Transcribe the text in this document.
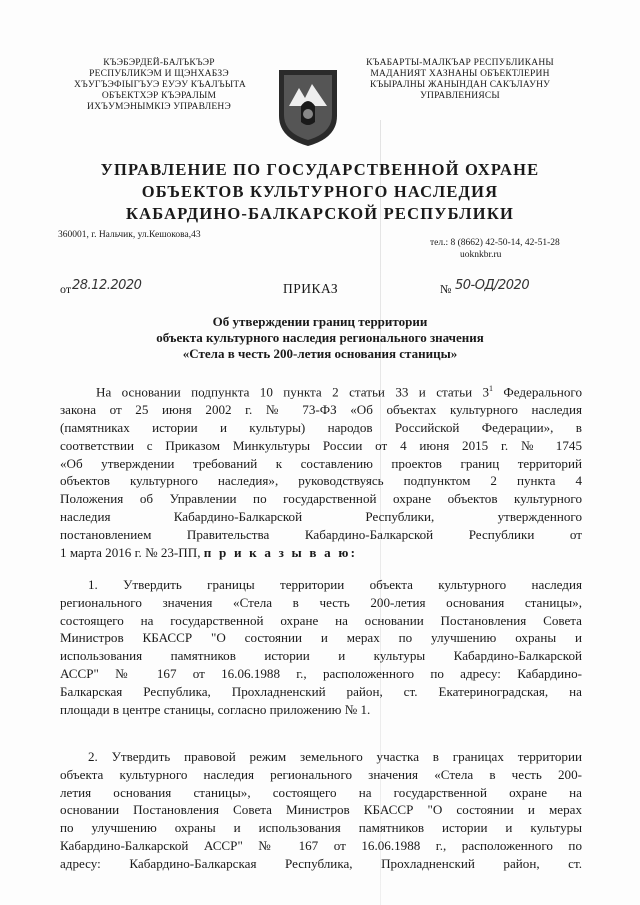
КЪЭБЭРДЕЙ-БАЛЪКЪЭР
РЕСПУБЛИКЭМ И ЩЭНХАБЗЭ
ХЪУГЪЭФIЫГЪУЭ ЕУЭУ КЪАЛЪЫТА
ОБЪЕКТХЭР КЪЭРАЛЫМ
ИХЪУМЭНЫМКIЭ УПРАВЛЕНЭ
КЪАБАРТЫ-МАЛКЪАР РЕСПУБЛИКАНЫ
МАДАНИЯТ ХАЗНАНЫ ОБЪЕКТЛЕРИН
КЪЫРАЛНЫ ЖАНЫНДАН САКЪЛАУНУ
УПРАВЛЕНИЯСЫ
УПРАВЛЕНИЕ ПО ГОСУДАРСТВЕННОЙ ОХРАНЕ
ОБЪЕКТОВ КУЛЬТУРНОГО НАСЛЕДИЯ
КАБАРДИНО-БАЛКАРСКОЙ РЕСПУБЛИКИ
360001, г. Нальчик, ул.Кешокова,43
тел.: 8 (8662) 42-50-14, 42-51-28
uoknkbr.ru
от 28.12.2020	ПРИКАЗ	№ 50-ОД/2020
Об утверждении границ территории
объекта культурного наследия регионального значения
«Стела в честь 200-летия основания станицы»
На основании подпункта 10 пункта 2 статьи 33 и статьи $3^1$ Федерального
закона от 25 июня 2002 г. № 73-ФЗ «Об объектах культурного наследия
(памятниках истории и культуры) народов Российской Федерации», в
соответствии с Приказом Минкультуры России от 4 июня 2015 г. № 1745
«Об утверждении требований к составлению проектов границ территорий
объектов культурного наследия», руководствуясь подпунктом 2 пункта 4
Положения об Управлении по государственной охране объектов культурного
наследия Кабардино-Балкарской Республики, утвержденного
постановлением Правительства Кабардино-Балкарской Республики от
1 марта 2016 г. № 23-ПП, п р и к а з ы в а ю:
1. Утвердить границы территории объекта культурного наследия
регионального значения «Стела в честь 200-летия основания станицы»,
состоящего на государственной охране на основании Постановления Совета
Министров КБАССР "О состоянии и мерах по улучшению охраны и
использования памятников истории и культуры Кабардино-Балкарской
АССР" № 167 от 16.06.1988 г., расположенного по адресу: Кабардино-
Балкарская Республика, Прохладненский район, ст. Екатериноградская, на
площади в центре станицы, согласно приложению № 1.
2. Утвердить правовой режим земельного участка в границах территории
объекта культурного наследия регионального значения «Стела в честь 200-
летия основания станицы», состоящего на государственной охране на
основании Постановления Совета Министров КБАССР "О состоянии и мерах
по улучшению охраны и использования памятников истории и культуры
Кабардино-Балкарской АССР" № 167 от 16.06.1988 г., расположенного по
адресу: Кабардино-Балкарская Республика, Прохладненский район, ст.
